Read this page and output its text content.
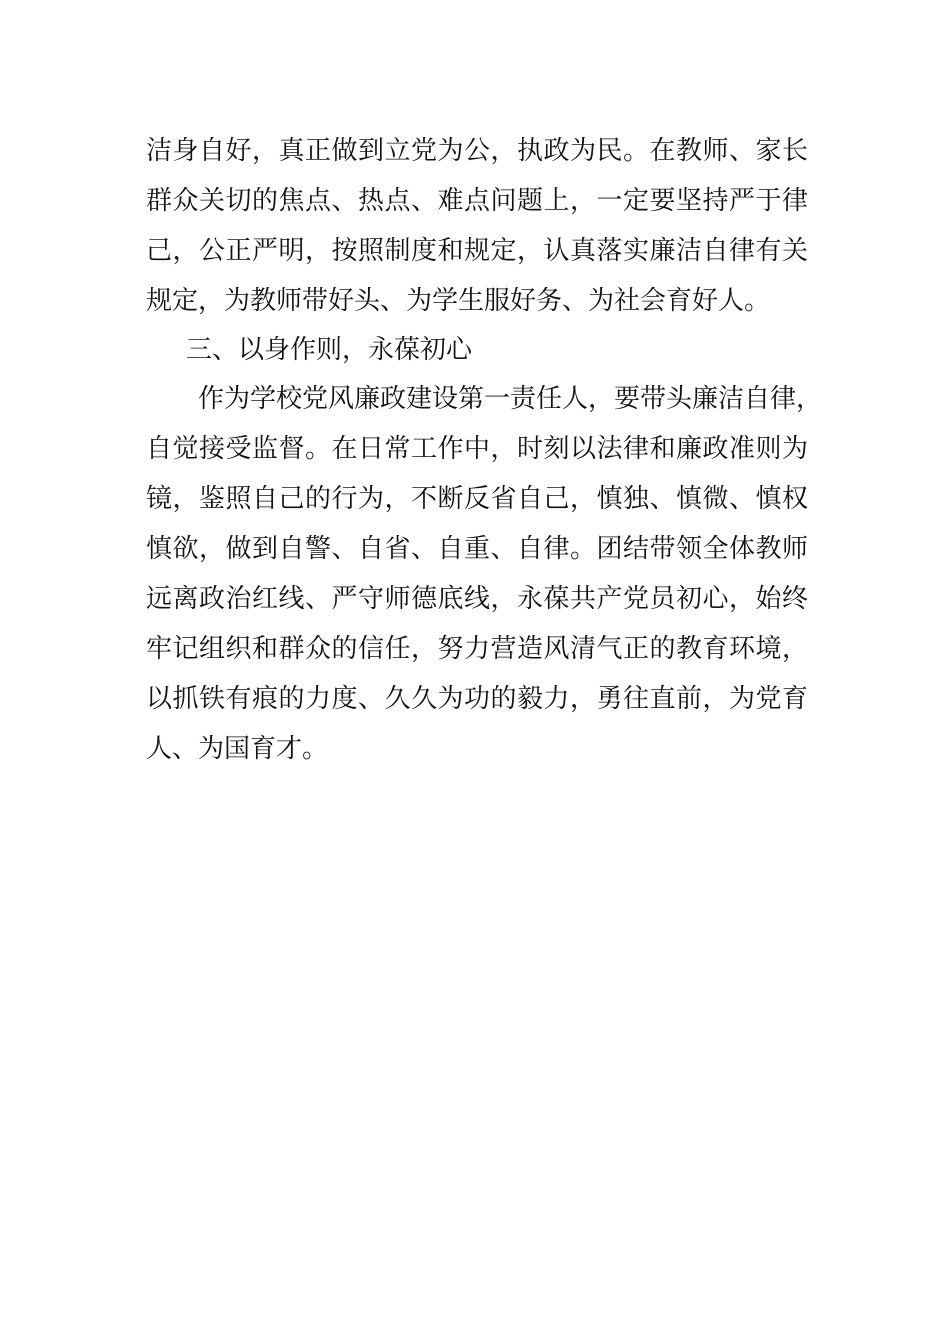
洁身自好，真正做到立党为公，执政为民。在教师、家长
群众关切的焦点、热点、难点问题上，一定要坚持严于律
己，公正严明，按照制度和规定，认真落实廉洁自律有关
规定，为教师带好头、为学生服好务、为社会育好人。
三、以身作则，永葆初心
作为学校党风廉政建设第一责任人，要带头廉洁自律，
自觉接受监督。在日常工作中，时刻以法律和廉政准则为
镜，鉴照自己的行为，不断反省自己，慎独、慎微、慎权
慎欲，做到自警、自省、自重、自律。团结带领全体教师
远离政治红线、严守师德底线，永葆共产党员初心，始终
牢记组织和群众的信任，努力营造风清气正的教育环境，
以抓铁有痕的力度、久久为功的毅力，勇往直前，为党育
人、为国育才。
